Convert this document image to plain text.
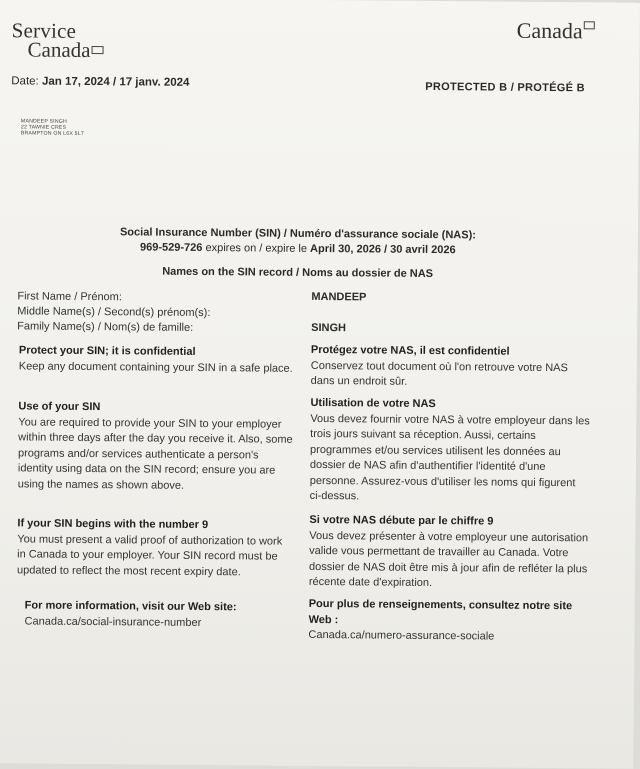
Service
Canada
Canada
Date: Jan 17, 2024 / 17 janv. 2024	PROTECTED B / PROTÉGÉ B
MANDEEP SINGH
22 TAWNIE CRES
BRAMPTON ON L6X 5L7
Social Insurance Number (SIN) / Numéro d'assurance sociale (NAS):
969-529-726 expires on / expire le April 30, 2026 / 30 avril 2026
Names on the SIN record / Noms au dossier de NAS
First Name / Prénom:	MANDEEP
Middle Name(s) / Second(s) prénom(s):
Family Name(s) / Nom(s) de famille:	SINGH
Protect your SIN; it is confidential
Keep any document containing your SIN in a safe place.
Use of your SIN
You are required to provide your SIN to your employer within three days after the day you receive it. Also, some programs and/or services authenticate a person's identity using data on the SIN record; ensure you are using the names as shown above.
If your SIN begins with the number 9
You must present a valid proof of authorization to work in Canada to your employer. Your SIN record must be updated to reflect the most recent expiry date.
For more information, visit our Web site:
Canada.ca/social-insurance-number
Protégez votre NAS, il est confidentiel
Conservez tout document où l'on retrouve votre NAS dans un endroit sûr.
Utilisation de votre NAS
Vous devez fournir votre NAS à votre employeur dans les trois jours suivant sa réception. Aussi, certains programmes et/ou services utilisent les données au dossier de NAS afin d'authentifier l'identité d'une personne. Assurez-vous d'utiliser les noms qui figurent ci-dessus.
Si votre NAS débute par le chiffre 9
Vous devez présenter à votre employeur une autorisation valide vous permettant de travailler au Canada. Votre dossier de NAS doit être mis à jour afin de refléter la plus récente date d'expiration.
Pour plus de renseignements, consultez notre site Web :
Canada.ca/numero-assurance-sociale
